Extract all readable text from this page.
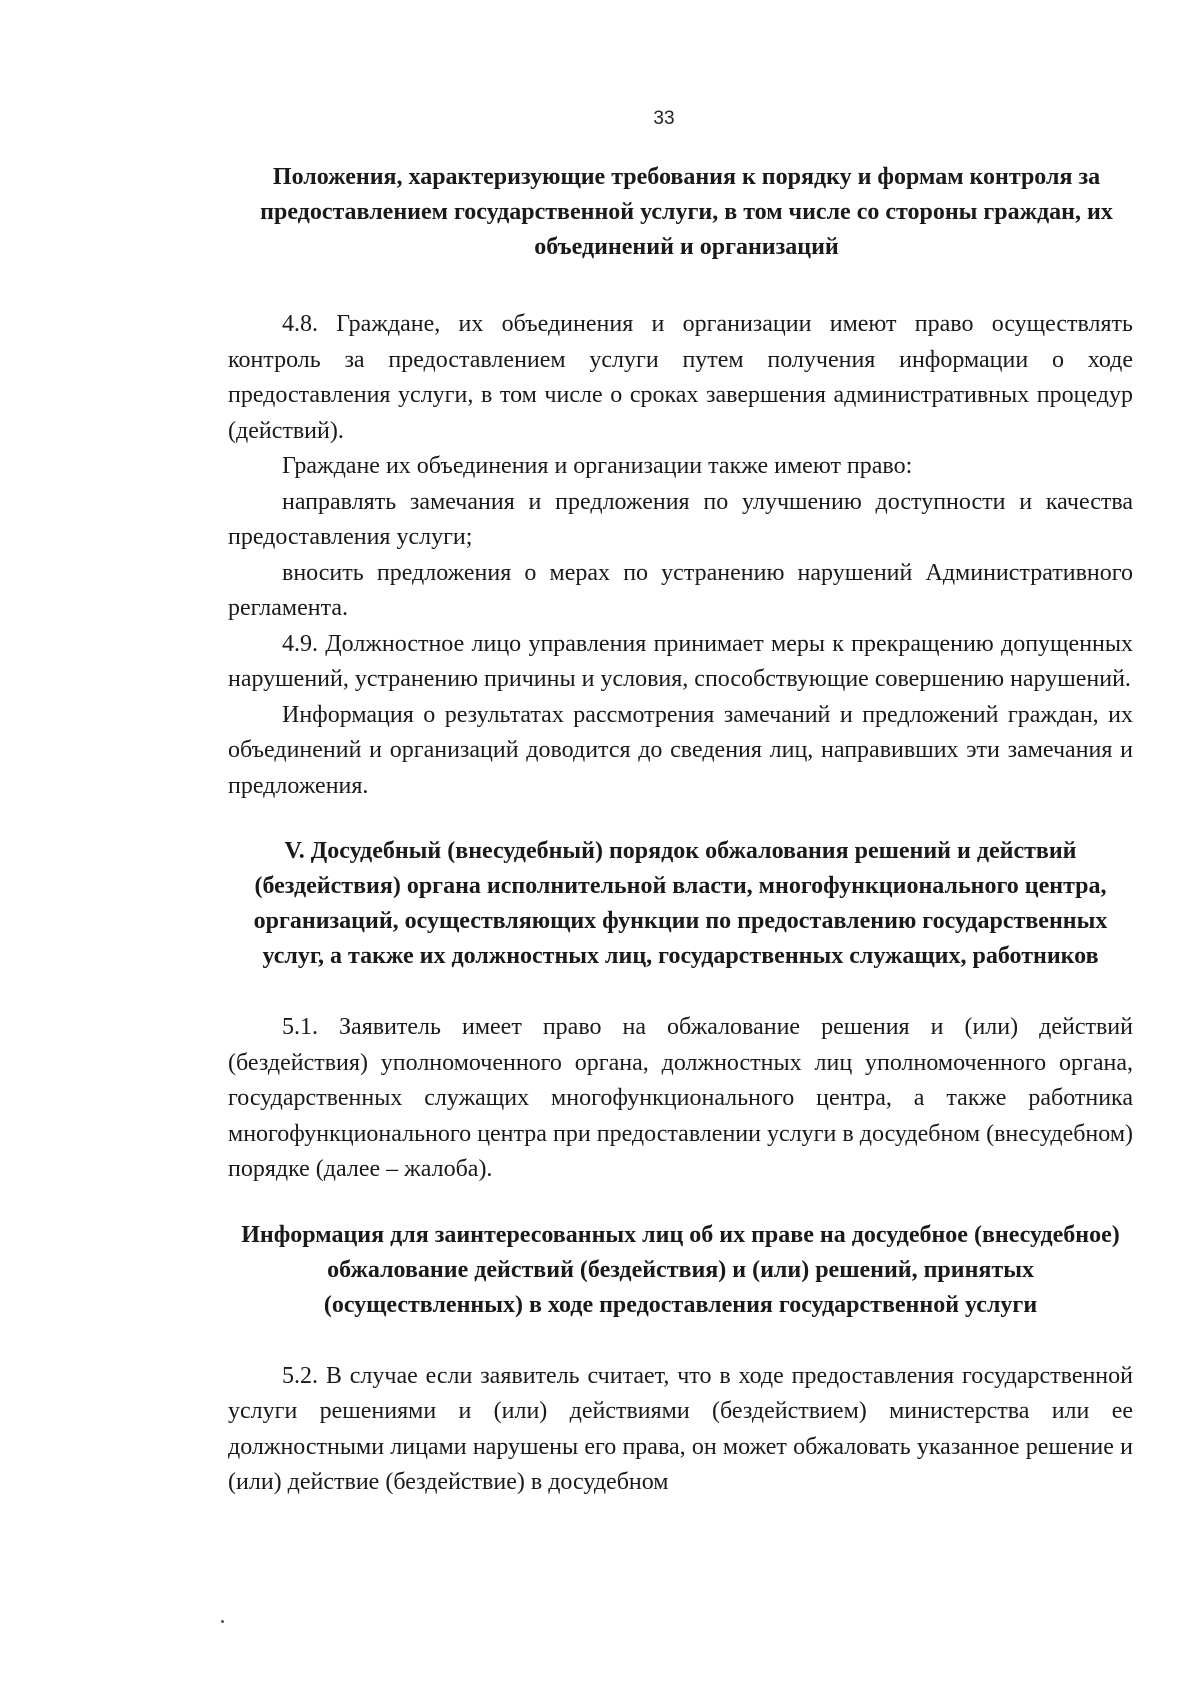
33
Положения, характеризующие требования к порядку и формам контроля за предоставлением государственной услуги, в том числе со стороны граждан, их объединений и организаций

4.8. Граждане, их объединения и организации имеют право осуществлять контроль за предоставлением услуги путем получения информации о ходе предоставления услуги, в том числе о сроках завершения административных процедур (действий).

Граждане их объединения и организации также имеют право:

направлять замечания и предложения по улучшению доступности и качества предоставления услуги;

вносить предложения о мерах по устранению нарушений Административного регламента.

4.9. Должностное лицо управления принимает меры к прекращению допущенных нарушений, устранению причины и условия, способствующие совершению нарушений.

Информация о результатах рассмотрения замечаний и предложений граждан, их объединений и организаций доводится до сведения лиц, направивших эти замечания и предложения.

V. Досудебный (внесудебный) порядок обжалования решений и действий (бездействия) органа исполнительной власти, многофункционального центра, организаций, осуществляющих функции по предоставлению государственных услуг, а также их должностных лиц, государственных служащих, работников

5.1. Заявитель имеет право на обжалование решения и (или) действий (бездействия) уполномоченного органа, должностных лиц уполномоченного органа, государственных служащих многофункционального центра, а также работника многофункционального центра при предоставлении услуги в досудебном (внесудебном) порядке (далее – жалоба).

Информация для заинтересованных лиц об их праве на досудебное (внесудебное) обжалование действий (бездействия) и (или) решений, принятых (осуществленных) в ходе предоставления государственной услуги

5.2. В случае если заявитель считает, что в ходе предоставления государственной услуги решениями и (или) действиями (бездействием) министерства или ее должностными лицами нарушены его права, он может обжаловать указанное решение и (или) действие (бездействие) в досудебном
